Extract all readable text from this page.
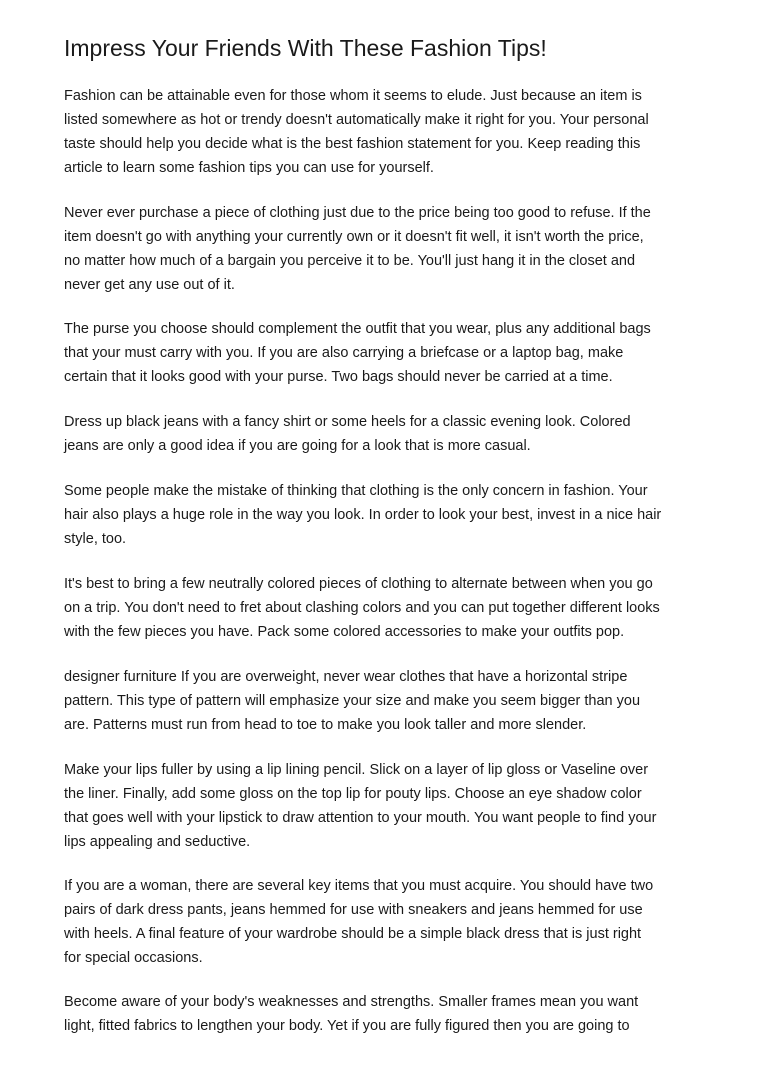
Impress Your Friends With These Fashion Tips!

Fashion can be attainable even for those whom it seems to elude. Just because an item is
listed somewhere as hot or trendy doesn't automatically make it right for you. Your personal
taste should help you decide what is the best fashion statement for you. Keep reading this
article to learn some fashion tips you can use for yourself.

Never ever purchase a piece of clothing just due to the price being too good to refuse. If the
item doesn't go with anything your currently own or it doesn't fit well, it isn't worth the price,
no matter how much of a bargain you perceive it to be. You'll just hang it in the closet and
never get any use out of it.

The purse you choose should complement the outfit that you wear, plus any additional bags
that your must carry with you. If you are also carrying a briefcase or a laptop bag, make
certain that it looks good with your purse. Two bags should never be carried at a time.

Dress up black jeans with a fancy shirt or some heels for a classic evening look. Colored
jeans are only a good idea if you are going for a look that is more casual.

Some people make the mistake of thinking that clothing is the only concern in fashion. Your
hair also plays a huge role in the way you look. In order to look your best, invest in a nice hair
style, too.

It's best to bring a few neutrally colored pieces of clothing to alternate between when you go
on a trip. You don't need to fret about clashing colors and you can put together different looks
with the few pieces you have. Pack some colored accessories to make your outfits pop.

designer furniture If you are overweight, never wear clothes that have a horizontal stripe
pattern. This type of pattern will emphasize your size and make you seem bigger than you
are. Patterns must run from head to toe to make you look taller and more slender.

Make your lips fuller by using a lip lining pencil. Slick on a layer of lip gloss or Vaseline over
the liner. Finally, add some gloss on the top lip for pouty lips. Choose an eye shadow color
that goes well with your lipstick to draw attention to your mouth. You want people to find your
lips appealing and seductive.

If you are a woman, there are several key items that you must acquire. You should have two
pairs of dark dress pants, jeans hemmed for use with sneakers and jeans hemmed for use
with heels. A final feature of your wardrobe should be a simple black dress that is just right
for special occasions.

Become aware of your body's weaknesses and strengths. Smaller frames mean you want
light, fitted fabrics to lengthen your body. Yet if you are fully figured then you are going to
